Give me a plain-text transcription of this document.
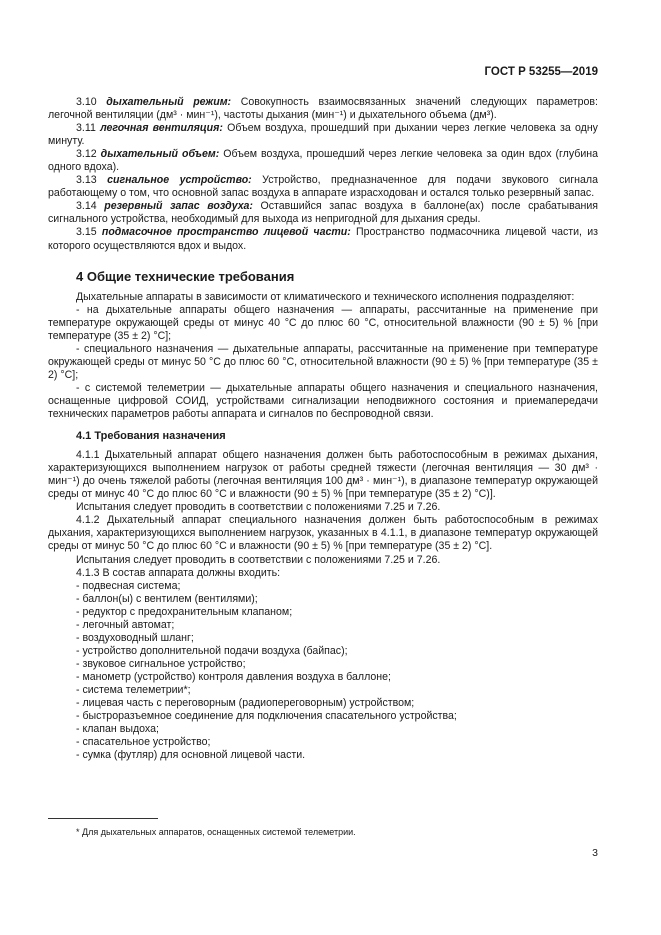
ГОСТ Р 53255—2019

3.10 дыхательный режим: Совокупность взаимосвязанных значений следующих параметров: легочной вентиляции (дм³ · мин⁻¹), частоты дыхания (мин⁻¹) и дыхательного объема (дм³).

3.11 легочная вентиляция: Объем воздуха, прошедший при дыхании через легкие человека за одну минуту.

3.12 дыхательный объем: Объем воздуха, прошедший через легкие человека за один вдох (глубина одного вдоха).

3.13 сигнальное устройство: Устройство, предназначенное для подачи звукового сигнала работающему о том, что основной запас воздуха в аппарате израсходован и остался только резервный запас.

3.14 резервный запас воздуха: Оставшийся запас воздуха в баллоне(ах) после срабатывания сигнального устройства, необходимый для выхода из непригодной для дыхания среды.

3.15 подмасочное пространство лицевой части: Пространство подмасочника лицевой части, из которого осуществляются вдох и выдох.

4 Общие технические требования

Дыхательные аппараты в зависимости от климатического и технического исполнения подразделяют:

- на дыхательные аппараты общего назначения — аппараты, рассчитанные на применение при температуре окружающей среды от минус 40 °С до плюс 60 °С, относительной влажности (90 ± 5) % [при температуре (35 ± 2) °С];

- специального назначения — дыхательные аппараты, рассчитанные на применение при температуре окружающей среды от минус 50 °С до плюс 60 °С, относительной влажности (90 ± 5) % [при температуре (35 ± 2) °С];

- с системой телеметрии — дыхательные аппараты общего назначения и специального назначения, оснащенные цифровой СОИД, устройствами сигнализации неподвижного состояния и приемапередачи технических параметров работы аппарата и сигналов по беспроводной связи.

4.1 Требования назначения

4.1.1 Дыхательный аппарат общего назначения должен быть работоспособным в режимах дыхания, характеризующихся выполнением нагрузок от работы средней тяжести (легочная вентиляция — 30 дм³ · мин⁻¹) до очень тяжелой работы (легочная вентиляция 100 дм³ · мин⁻¹), в диапазоне температур окружающей среды от минус 40 °С до плюс 60 °С и влажности (90 ± 5) % [при температуре (35 ± 2) °С)].

Испытания следует проводить в соответствии с положениями 7.25 и 7.26.

4.1.2 Дыхательный аппарат специального назначения должен быть работоспособным в режимах дыхания, характеризующихся выполнением нагрузок, указанных в 4.1.1, в диапазоне температур окружающей среды от минус 50 °С до плюс 60 °С и влажности (90 ± 5) % [при температуре (35 ± 2) °С].

Испытания следует проводить в соответствии с положениями 7.25 и 7.26.

4.1.3 В состав аппарата должны входить:

- подвесная система;

- баллон(ы) с вентилем (вентилями);

- редуктор с предохранительным клапаном;

- легочный автомат;

- воздуховодный шланг;

- устройство дополнительной подачи воздуха (байпас);

- звуковое сигнальное устройство;

- манометр (устройство) контроля давления воздуха в баллоне;

- система телеметрии*;

- лицевая часть с переговорным (радиопереговорным) устройством;

- быстроразъемное соединение для подключения спасательного устройства;

- клапан выдоха;

- спасательное устройство;

- сумка (футляр) для основной лицевой части.

* Для дыхательных аппаратов, оснащенных системой телеметрии.
3
